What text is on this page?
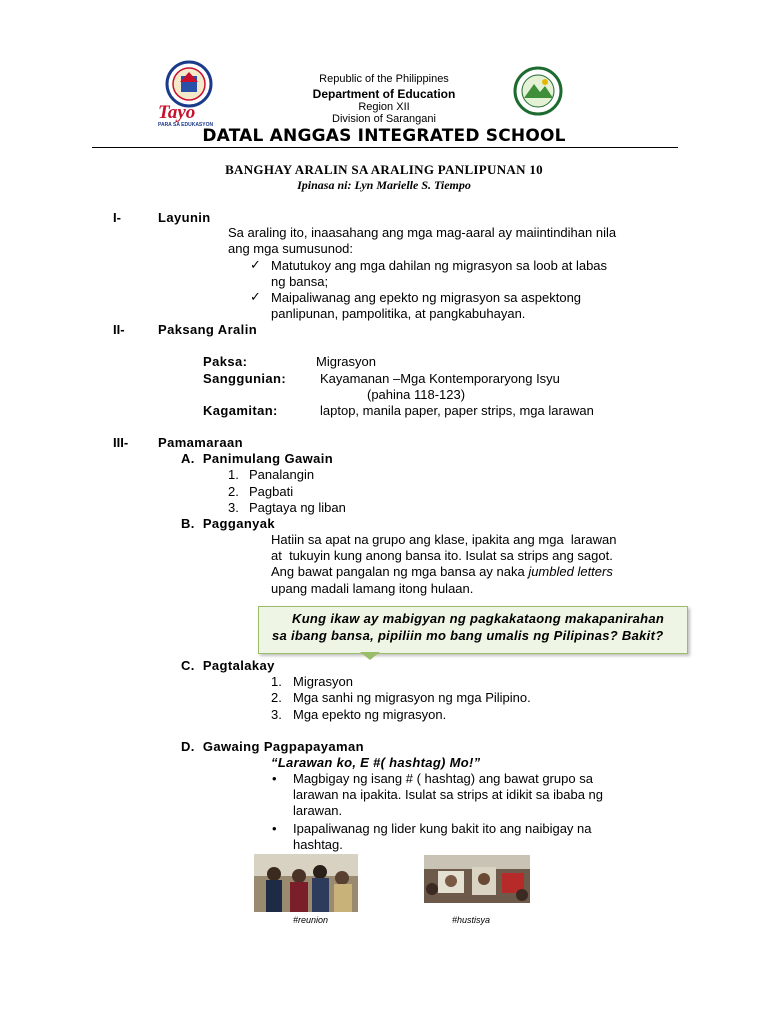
Tayo
PARA SA EDUKASYON
Republic of the Philippines
Department of Education
Region XII
Division of Sarangani
DATAL ANGGAS INTEGRATED SCHOOL
BANGHAY ARALIN SA ARALING PANLIPUNAN 10
Ipinasa ni: Lyn Marielle S. Tiempo
I-	Layunin
Sa araling ito, inaasahang ang mga mag-aaral ay maiintindihan nila
ang mga sumusunod:
✓ Matutukoy ang mga dahilan ng migrasyon sa loob at labas
ng bansa;
✓ Maipaliwanag ang epekto ng migrasyon sa aspektong
panlipunan, pampolitika, at pangkabuhayan.
II-	Paksang Aralin
Paksa:	Migrasyon
Sanggunian:	Kayamanan –Mga Kontemporaryong Isyu
(pahina 118-123)
Kagamitan:	laptop, manila paper, paper strips, mga larawan
III- Pamamaraan
A.  Panimulang Gawain
1. Panalangin
2. Pagbati
3. Pagtaya ng liban
B.  Pagganyak
Hatiin sa apat na grupo ang klase, ipakita ang mga  larawan
at  tukuyin kung anong bansa ito. Isulat sa strips ang sagot.
Ang bawat pangalan ng mga bansa ay naka jumbled letters
upang madali lamang itong hulaan.
Kung ikaw ay mabigyan ng pagkakataong makapanirahan
sa ibang bansa, pipiliin mo bang umalis ng Pilipinas? Bakit?
C.  Pagtalakay
1. Migrasyon
2. Mga sanhi ng migrasyon ng mga Pilipino.
3. Mga epekto ng migrasyon.
D.  Gawaing Pagpapayaman
“Larawan ko, E #( hashtag) Mo!”
• Magbigay ng isang # ( hashtag) ang bawat grupo sa
larawan na ipakita. Isulat sa strips at idikit sa ibaba ng
larawan.
• Ipapaliwanag ng lider kung bakit ito ang naibigay na
hashtag.
#reunion	#hustisya
